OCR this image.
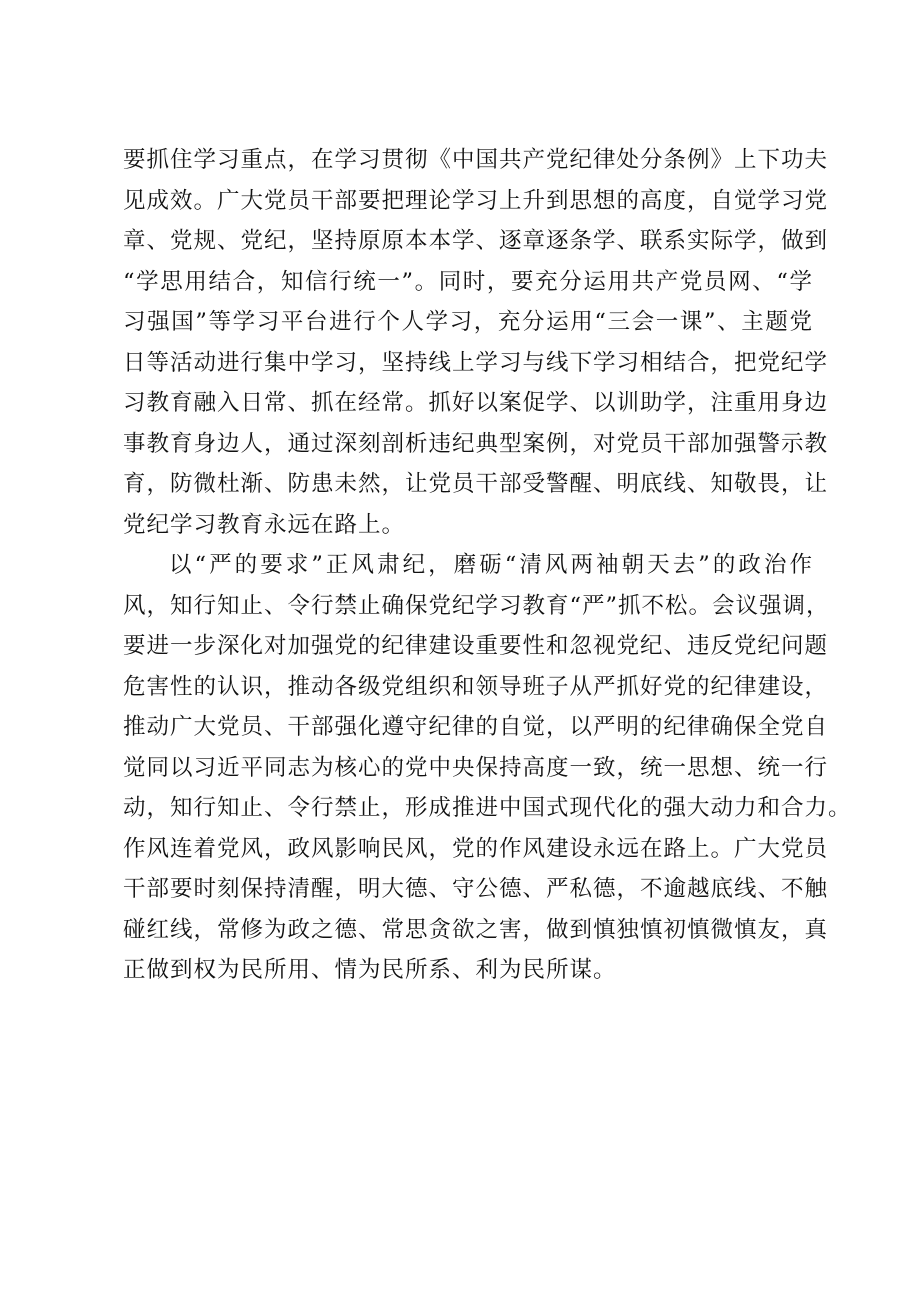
要抓住学习重点，在学习贯彻《中国共产党纪律处分条例》上下功夫
见成效。广大党员干部要把理论学习上升到思想的高度，自觉学习党
章、党规、党纪，坚持原原本本学、逐章逐条学、联系实际学，做到
“学思用结合，知信行统一”。同时，要充分运用共产党员网、“学
习强国”等学习平台进行个人学习，充分运用“三会一课”、主题党
日等活动进行集中学习，坚持线上学习与线下学习相结合，把党纪学
习教育融入日常、抓在经常。抓好以案促学、以训助学，注重用身边
事教育身边人，通过深刻剖析违纪典型案例，对党员干部加强警示教
育，防微杜渐、防患未然，让党员干部受警醒、明底线、知敬畏，让
党纪学习教育永远在路上。
以“严的要求”正风肃纪，磨砺“清风两袖朝天去”的政治作
风，知行知止、令行禁止确保党纪学习教育“严”抓不松。会议强调，
要进一步深化对加强党的纪律建设重要性和忽视党纪、违反党纪问题
危害性的认识，推动各级党组织和领导班子从严抓好党的纪律建设，
推动广大党员、干部强化遵守纪律的自觉，以严明的纪律确保全党自
觉同以习近平同志为核心的党中央保持高度一致，统一思想、统一行
动，知行知止、令行禁止，形成推进中国式现代化的强大动力和合力。
作风连着党风，政风影响民风，党的作风建设永远在路上。广大党员
干部要时刻保持清醒，明大德、守公德、严私德，不逾越底线、不触
碰红线，常修为政之德、常思贪欲之害，做到慎独慎初慎微慎友，真
正做到权为民所用、情为民所系、利为民所谋。
